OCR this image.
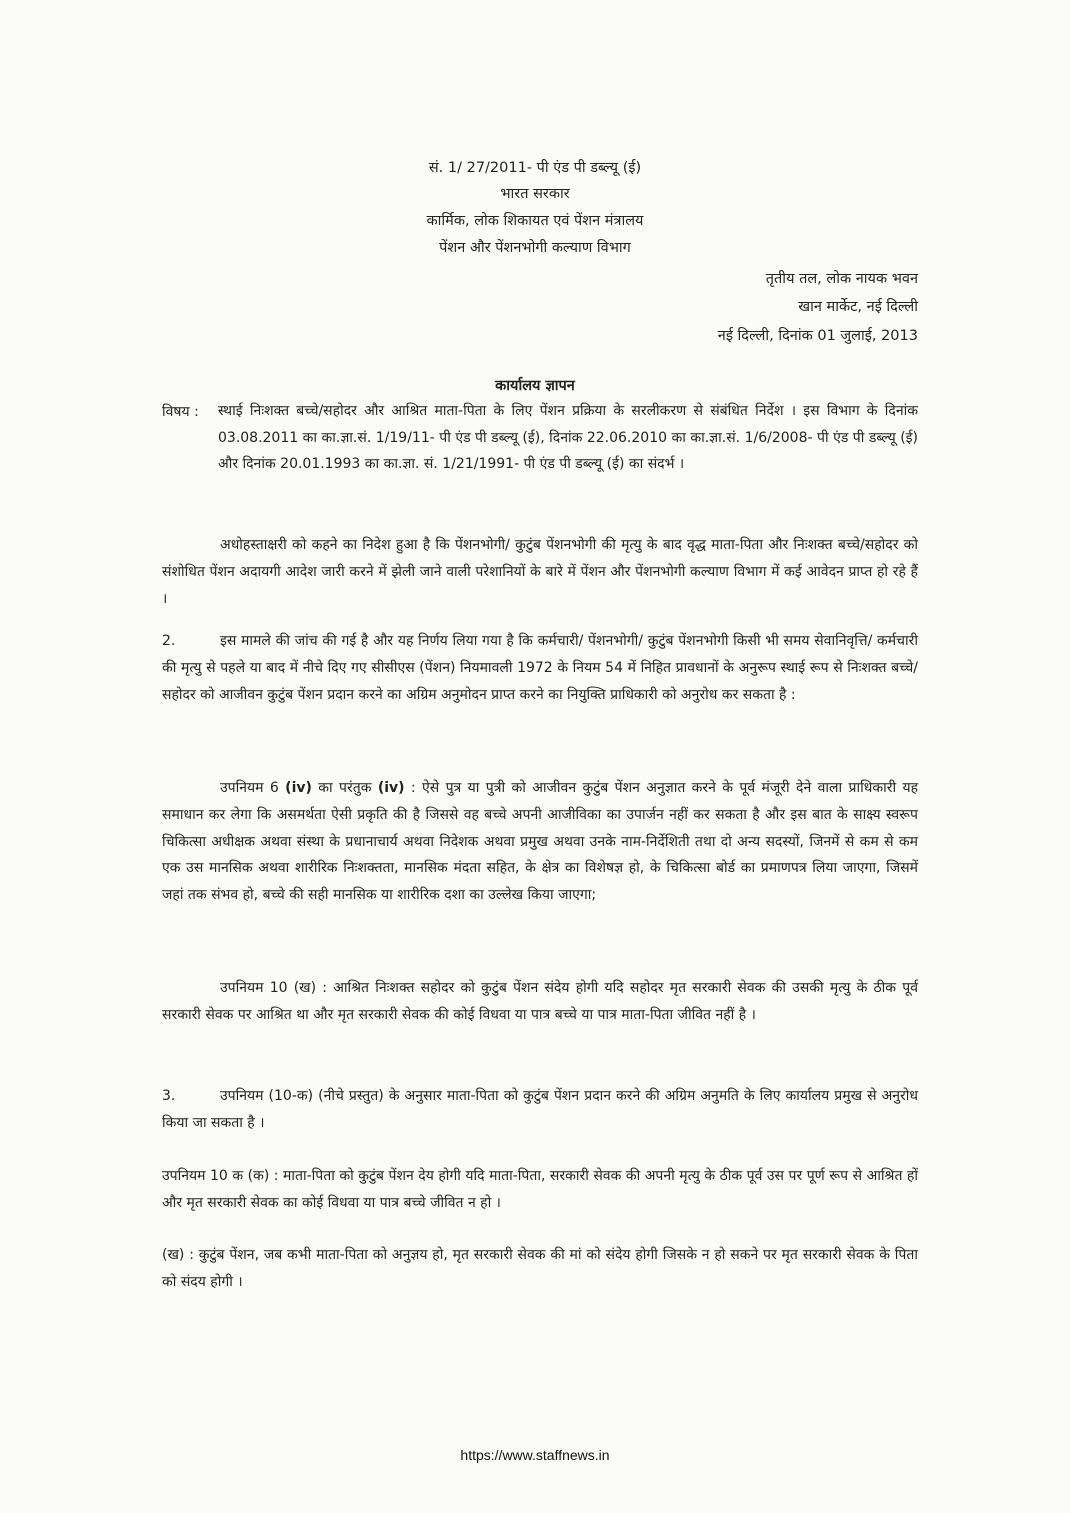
सं. 1/ 27/2011- पी एंड पी डब्ल्यू (ई)
भारत सरकार
कार्मिक, लोक शिकायत एवं पेंशन मंत्रालय
पेंशन और पेंशनभोगी कल्याण विभाग
तृतीय तल, लोक नायक भवन
खान मार्केट, नई दिल्ली
नई दिल्ली, दिनांक 01 जुलाई, 2013
कार्यालय ज्ञापन
विषय : स्थाई निःशक्त बच्चे/सहोदर और आश्रित माता-पिता के लिए पेंशन प्रक्रिया के सरलीकरण से संबंधित निर्देश । इस विभाग के दिनांक 03.08.2011 का का.ज्ञा.सं. 1/19/11- पी एंड पी डब्ल्यू (ई), दिनांक 22.06.2010 का का.ज्ञा.सं. 1/6/2008- पी एंड पी डब्ल्यू (ई) और दिनांक 20.01.1993 का का.ज्ञा. सं. 1/21/1991- पी एंड पी डब्ल्यू (ई) का संदर्भ ।
अधोहस्ताक्षरी को कहने का निदेश हुआ है कि पेंशनभोगी/ कुटुंब पेंशनभोगी की मृत्यु के बाद वृद्ध माता-पिता और निःशक्त बच्चे/सहोदर को संशोधित पेंशन अदायगी आदेश जारी करने में झेली जाने वाली परेशानियों के बारे में पेंशन और पेंशनभोगी कल्याण विभाग में कई आवेदन प्राप्त हो रहे हैं ।
2.	इस मामले की जांच की गई है और यह निर्णय लिया गया है कि कर्मचारी/ पेंशनभोगी/ कुटुंब पेंशनभोगी किसी भी समय सेवानिवृत्ति/ कर्मचारी की मृत्यु से पहले या बाद में नीचे दिए गए सीसीएस (पेंशन) नियमावली 1972 के नियम 54 में निहित प्रावधानों के अनुरूप स्थाई रूप से निःशक्त बच्चे/सहोदर को आजीवन कुटुंब पेंशन प्रदान करने का अग्रिम अनुमोदन प्राप्त करने का नियुक्ति प्राधिकारी को अनुरोध कर सकता है :
उपनियम 6 (iv) का परंतुक (iv) : ऐसे पुत्र या पुत्री को आजीवन कुटुंब पेंशन अनुज्ञात करने के पूर्व मंजूरी देने वाला प्राधिकारी यह समाधान कर लेगा कि असमर्थता ऐसी प्रकृति की है जिससे वह बच्चे अपनी आजीविका का उपार्जन नहीं कर सकता है और इस बात के साक्ष्य स्वरूप चिकित्सा अधीक्षक अथवा संस्था के प्रधानाचार्य अथवा निदेशक अथवा प्रमुख अथवा उनके नाम-निर्देशिती तथा दो अन्य सदस्यों, जिनमें से कम से कम एक उस मानसिक अथवा शारीरिक निःशक्तता, मानसिक मंदता सहित, के क्षेत्र का विशेषज्ञ हो, के चिकित्सा बोर्ड का प्रमाणपत्र लिया जाएगा, जिसमें जहां तक संभव हो, बच्चे की सही मानसिक या शारीरिक दशा का उल्लेख किया जाएगा;
उपनियम 10 (ख) : आश्रित निःशक्त सहोदर को कुटुंब पेंशन संदेय होगी यदि सहोदर मृत सरकारी सेवक की उसकी मृत्यु के ठीक पूर्व सरकारी सेवक पर आश्रित था और मृत सरकारी सेवक की कोई विधवा या पात्र बच्चे या पात्र माता-पिता जीवित नहीं है ।
3.	उपनियम (10-क) (नीचे प्रस्तुत) के अनुसार माता-पिता को कुटुंब पेंशन प्रदान करने की अग्रिम अनुमति के लिए कार्यालय प्रमुख से अनुरोध किया जा सकता है ।
उपनियम 10 क (क) : माता-पिता को कुटुंब पेंशन देय होगी यदि माता-पिता, सरकारी सेवक की अपनी मृत्यु के ठीक पूर्व उस पर पूर्ण रूप से आश्रित हों और मृत सरकारी सेवक का कोई विधवा या पात्र बच्चे जीवित न हो ।
(ख) : कुटुंब पेंशन, जब कभी माता-पिता को अनुज्ञय हो, मृत सरकारी सेवक की मां को संदेय होगी जिसके न हो सकने पर मृत सरकारी सेवक के पिता को संदय होगी ।
https://www.staffnews.in
